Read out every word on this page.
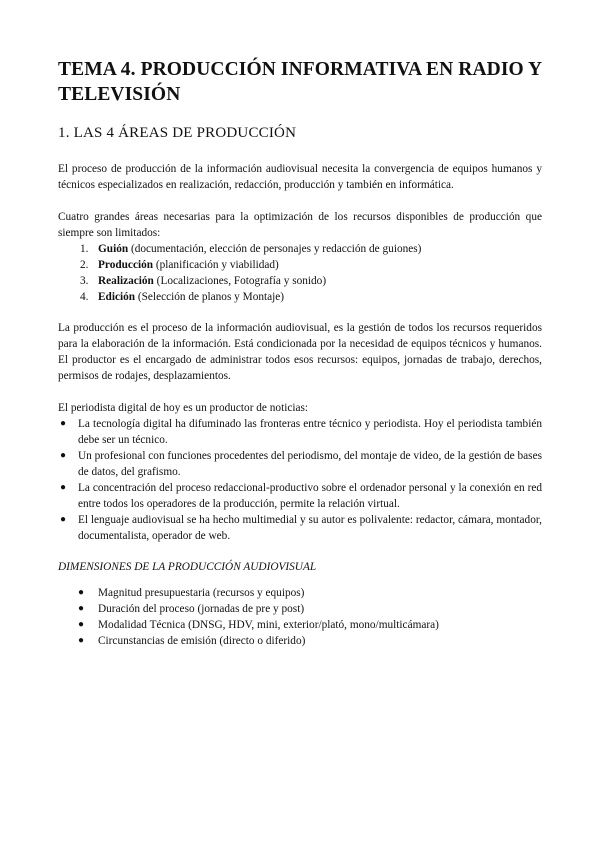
TEMA 4. PRODUCCIÓN INFORMATIVA EN RADIO Y TELEVISIÓN
1. LAS 4 ÁREAS DE PRODUCCIÓN
El proceso de producción de la información audiovisual necesita la convergencia de equipos humanos y técnicos especializados en realización, redacción, producción y también en informática.
Cuatro grandes áreas necesarias para la optimización de los recursos disponibles de producción que siempre son limitados:
1. Guión (documentación, elección de personajes y redacción de guiones)
2. Producción (planificación y viabilidad)
3. Realización (Localizaciones, Fotografía y sonido)
4. Edición (Selección de planos y Montaje)
La producción es el proceso de la información audiovisual, es la gestión de todos los recursos requeridos para la elaboración de la información. Está condicionada por la necesidad de equipos técnicos y humanos. El productor es el encargado de administrar todos esos recursos: equipos, jornadas de trabajo, derechos, permisos de rodajes, desplazamientos.
El periodista digital de hoy es un productor de noticias:
● La tecnología digital ha difuminado las fronteras entre técnico y periodista. Hoy el periodista también debe ser un técnico.
● Un profesional con funciones procedentes del periodismo, del montaje de video, de la gestión de bases de datos, del grafismo.
● La concentración del proceso redaccional-productivo sobre el ordenador personal y la conexión en red entre todos los operadores de la producción, permite la relación virtual.
● El lenguaje audiovisual se ha hecho multimedial y su autor es polivalente: redactor, cámara, montador, documentalista, operador de web.
DIMENSIONES DE LA PRODUCCIÓN AUDIOVISUAL
● Magnitud presupuestaria (recursos y equipos)
● Duración del proceso (jornadas de pre y post)
● Modalidad Técnica (DNSG, HDV, mini, exterior/plató, mono/multicámara)
● Circunstancias de emisión (directo o diferido)
